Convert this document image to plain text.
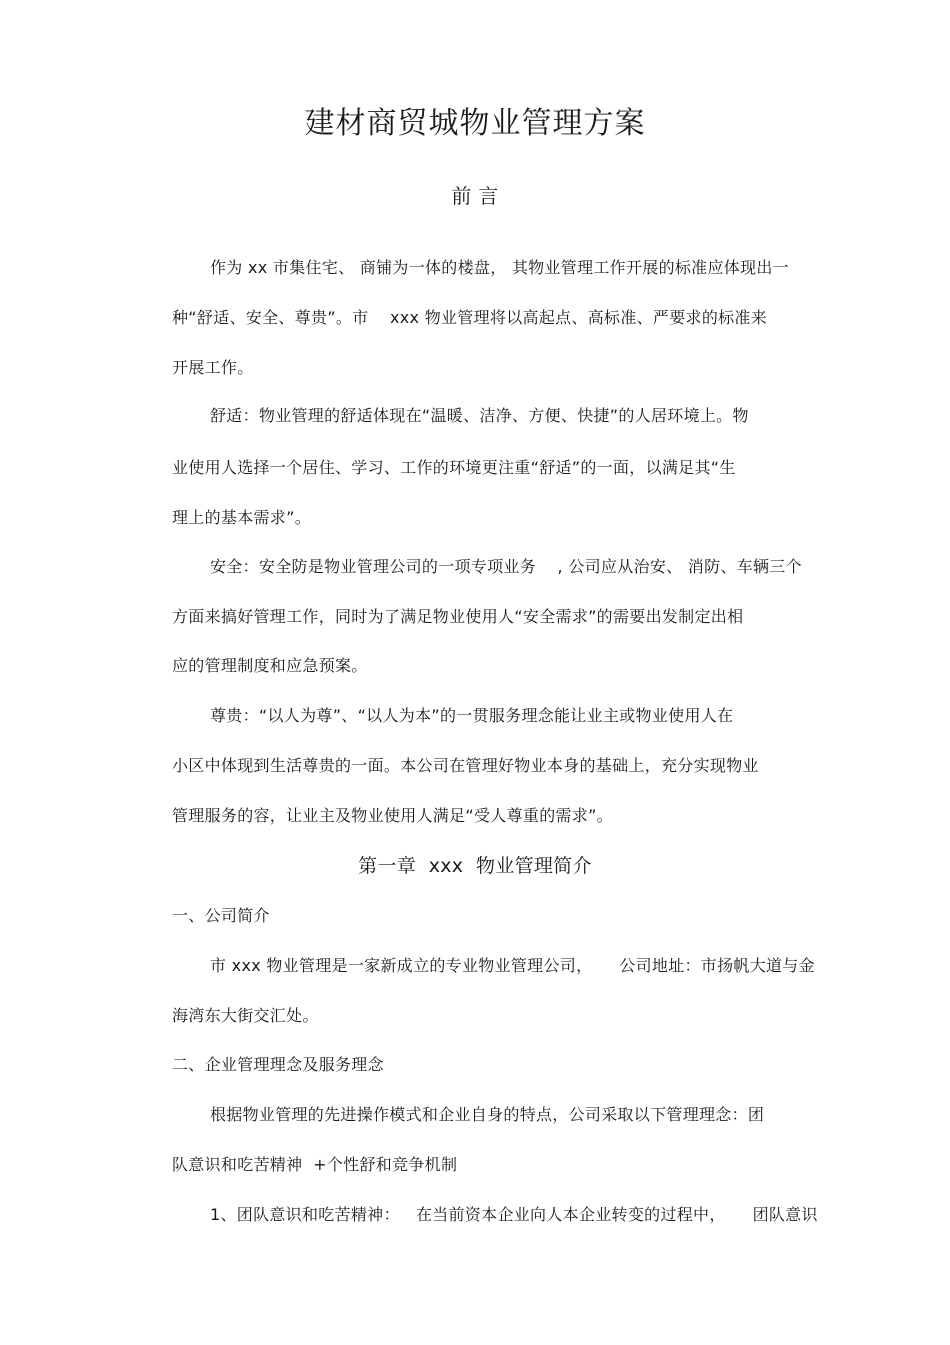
建材商贸城物业管理方案
前 言
作为 xx 市集住宅、 商铺为一体的楼盘， 其物业管理工作开展的标准应体现出一
种“舒适、安全、尊贵”。市    xxx 物业管理将以高起点、高标准、严要求的标准来
开展工作。
舒适：物业管理的舒适体现在“温暖、洁净、方便、快捷”的人居环境上。物
业使用人选择一个居住、学习、工作的环境更注重“舒适”的一面，以满足其“生
理上的基本需求”。
安全：安全防是物业管理公司的一项专项业务    , 公司应从治安、 消防、车辆三个
方面来搞好管理工作，同时为了满足物业使用人“安全需求”的需要出发制定出相
应的管理制度和应急预案。
尊贵：“以人为尊”、“以人为本”的一贯服务理念能让业主或物业使用人在
小区中体现到生活尊贵的一面。本公司在管理好物业本身的基础上，充分实现物业
管理服务的容，让业主及物业使用人满足“受人尊重的需求”。
第一章  xxx  物业管理简介
一、公司简介
市 xxx 物业管理是一家新成立的专业物业管理公司，     公司地址：市扬帆大道与金
海湾东大街交汇处。
二、企业管理理念及服务理念
根据物业管理的先进操作模式和企业自身的特点，公司采取以下管理理念：团
队意识和吃苦精神  +个性舒和竞争机制
1、团队意识和吃苦精神：   在当前资本企业向人本企业转变的过程中，     团队意识
